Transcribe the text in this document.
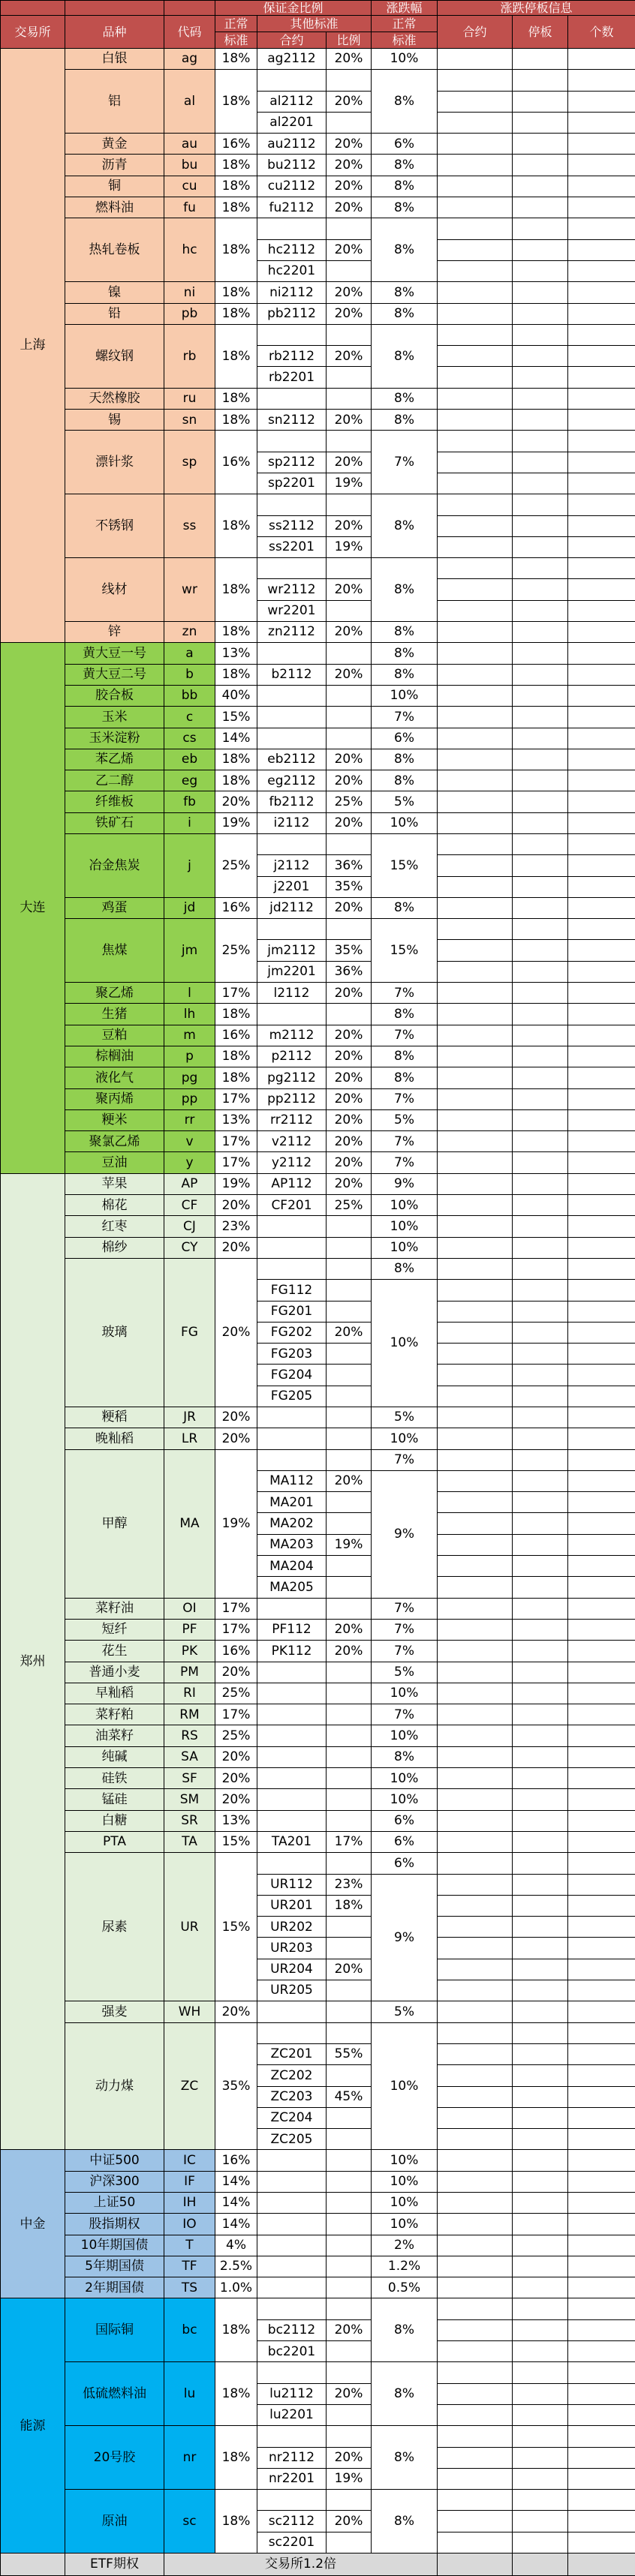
			保证金比例			涨跌幅	涨跌停板信息		
交易所	品种	代码	正常	其他标准		正常	合约	停板	个数
			标准	合约	比例	标准			
上海	白银	ag	18%	ag2112	20%	10%			
	铝	al	18%			8%			
				al2112	20%				
				al2201					
	黄金	au	16%	au2112	20%	6%			
	沥青	bu	18%	bu2112	20%	8%			
	铜	cu	18%	cu2112	20%	8%			
	燃料油	fu	18%	fu2112	20%	8%			
	热轧卷板	hc	18%			8%			
				hc2112	20%				
				hc2201					
	镍	ni	18%	ni2112	20%	8%			
	铅	pb	18%	pb2112	20%	8%			
	螺纹钢	rb	18%			8%			
				rb2112	20%				
				rb2201					
	天然橡胶	ru	18%			8%			
	锡	sn	18%	sn2112	20%	8%			
	漂针浆	sp	16%			7%			
				sp2112	20%				
				sp2201	19%				
	不锈钢	ss	18%			8%			
				ss2112	20%				
				ss2201	19%				
	线材	wr	18%			8%			
				wr2112	20%				
				wr2201					
	锌	zn	18%	zn2112	20%	8%			
大连	黄大豆一号	a	13%			8%			
	黄大豆二号	b	18%	b2112	20%	8%			
	胶合板	bb	40%			10%			
	玉米	c	15%			7%			
	玉米淀粉	cs	14%			6%			
	苯乙烯	eb	18%	eb2112	20%	8%			
	乙二醇	eg	18%	eg2112	20%	8%			
	纤维板	fb	20%	fb2112	25%	5%			
	铁矿石	i	19%	i2112	20%	10%			
	冶金焦炭	j	25%			15%			
				j2112	36%				
				j2201	35%				
	鸡蛋	jd	16%	jd2112	20%	8%			
	焦煤	jm	25%			15%			
				jm2112	35%				
				jm2201	36%				
	聚乙烯	l	17%	l2112	20%	7%			
	生猪	lh	18%			8%			
	豆粕	m	16%	m2112	20%	7%			
	棕榈油	p	18%	p2112	20%	8%			
	液化气	pg	18%	pg2112	20%	8%			
	聚丙烯	pp	17%	pp2112	20%	7%			
	粳米	rr	13%	rr2112	20%	5%			
	聚氯乙烯	v	17%	v2112	20%	7%			
	豆油	y	17%	y2112	20%	7%			
郑州	苹果	AP	19%	AP112	20%	9%			
	棉花	CF	20%	CF201	25%	10%			
	红枣	CJ	23%			10%			
	棉纱	CY	20%			10%			
	玻璃	FG	20%			8%			
				FG112		10%			
				FG201					
				FG202	20%				
				FG203					
				FG204					
				FG205					
	粳稻	JR	20%			5%			
	晚籼稻	LR	20%			10%			
	甲醇	MA	19%			7%			
				MA112	20%	9%			
				MA201					
				MA202					
				MA203	19%				
				MA204					
				MA205					
	菜籽油	OI	17%			7%			
	短纤	PF	17%	PF112	20%	7%			
	花生	PK	16%	PK112	20%	7%			
	普通小麦	PM	20%			5%			
	早籼稻	RI	25%			10%			
	菜籽粕	RM	17%			7%			
	油菜籽	RS	25%			10%			
	纯碱	SA	20%			8%			
	硅铁	SF	20%			10%			
	锰硅	SM	20%			10%			
	白糖	SR	13%			6%			
	PTA	TA	15%	TA201	17%	6%			
	尿素	UR	15%			6%			
				UR112	23%	9%			
				UR201	18%				
				UR202					
				UR203					
				UR204	20%				
				UR205					
	强麦	WH	20%			5%			
	动力煤	ZC	35%			10%			
				ZC201	55%				
				ZC202					
				ZC203	45%				
				ZC204					
				ZC205					
中金	中证500	IC	16%			10%			
	沪深300	IF	14%			10%			
	上证50	IH	14%			10%			
	股指期权	IO	14%			10%			
	10年期国债	T	4%			2%			
	5年期国债	TF	2.5%			1.2%			
	2年期国债	TS	1.0%			0.5%			
能源	国际铜	bc	18%			8%			
				bc2112	20%				
				bc2201					
	低硫燃料油	lu	18%			8%			
				lu2112	20%				
				lu2201					
	20号胶	nr	18%			8%			
				nr2112	20%				
				nr2201	19%				
	原油	sc	18%			8%			
				sc2112	20%				
				sc2201					
	ETF期权	交易所1.2倍							
